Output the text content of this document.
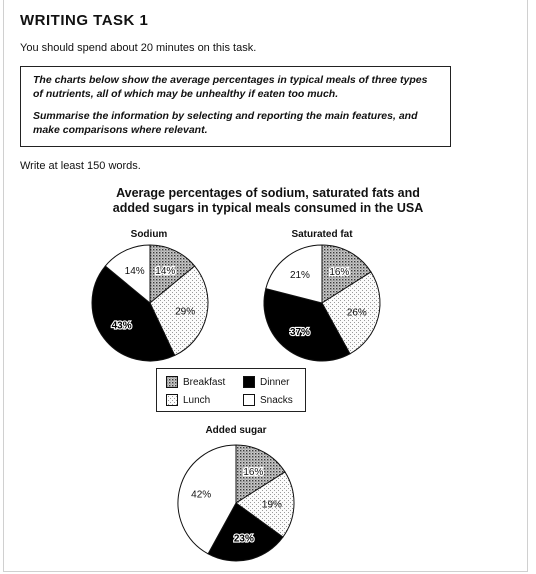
WRITING TASK 1
You should spend about 20 minutes on this task.

The charts below show the average percentages in typical meals of three types of nutrients, all of which may be unhealthy if eaten too much.

Summarise the information by selecting and reporting the main features, and make comparisons where relevant.

Write at least 150 words.
Average percentages of sodium, saturated fats and
added sugars in typical meals consumed in the USA
Sodium	Saturated fat
Added sugar
14%
29%
43%
14%	16%
26%
37%
21%
16%
19%
23%
42%
Breakfast
Lunch
Dinner
Snacks
